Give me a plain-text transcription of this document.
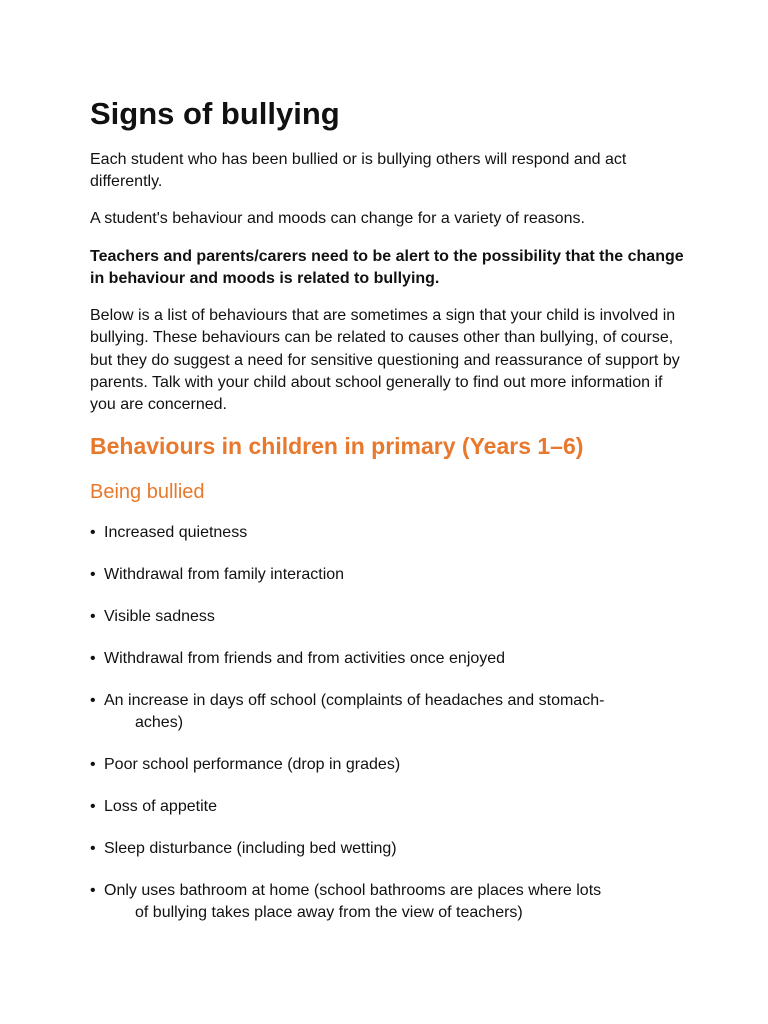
Signs of bullying

Each student who has been bullied or is bullying others will respond and act differently.

A student's behaviour and moods can change for a variety of reasons.

Teachers and parents/carers need to be alert to the possibility that the change in behaviour and moods is related to bullying.

Below is a list of behaviours that are sometimes a sign that your child is involved in bullying. These behaviours can be related to causes other than bullying, of course, but they do suggest a need for sensitive questioning and reassurance of support by parents. Talk with your child about school generally to find out more information if you are concerned.

Behaviours in children in primary (Years 1–6)
Being bullied
• Increased quietness
• Withdrawal from family interaction
• Visible sadness
• Withdrawal from friends and from activities once enjoyed
• An increase in days off school (complaints of headaches and stomach-
aches)
• Poor school performance (drop in grades)
• Loss of appetite
• Sleep disturbance (including bed wetting)
• Only uses bathroom at home (school bathrooms are places where lots
of bullying takes place away from the view of teachers)
